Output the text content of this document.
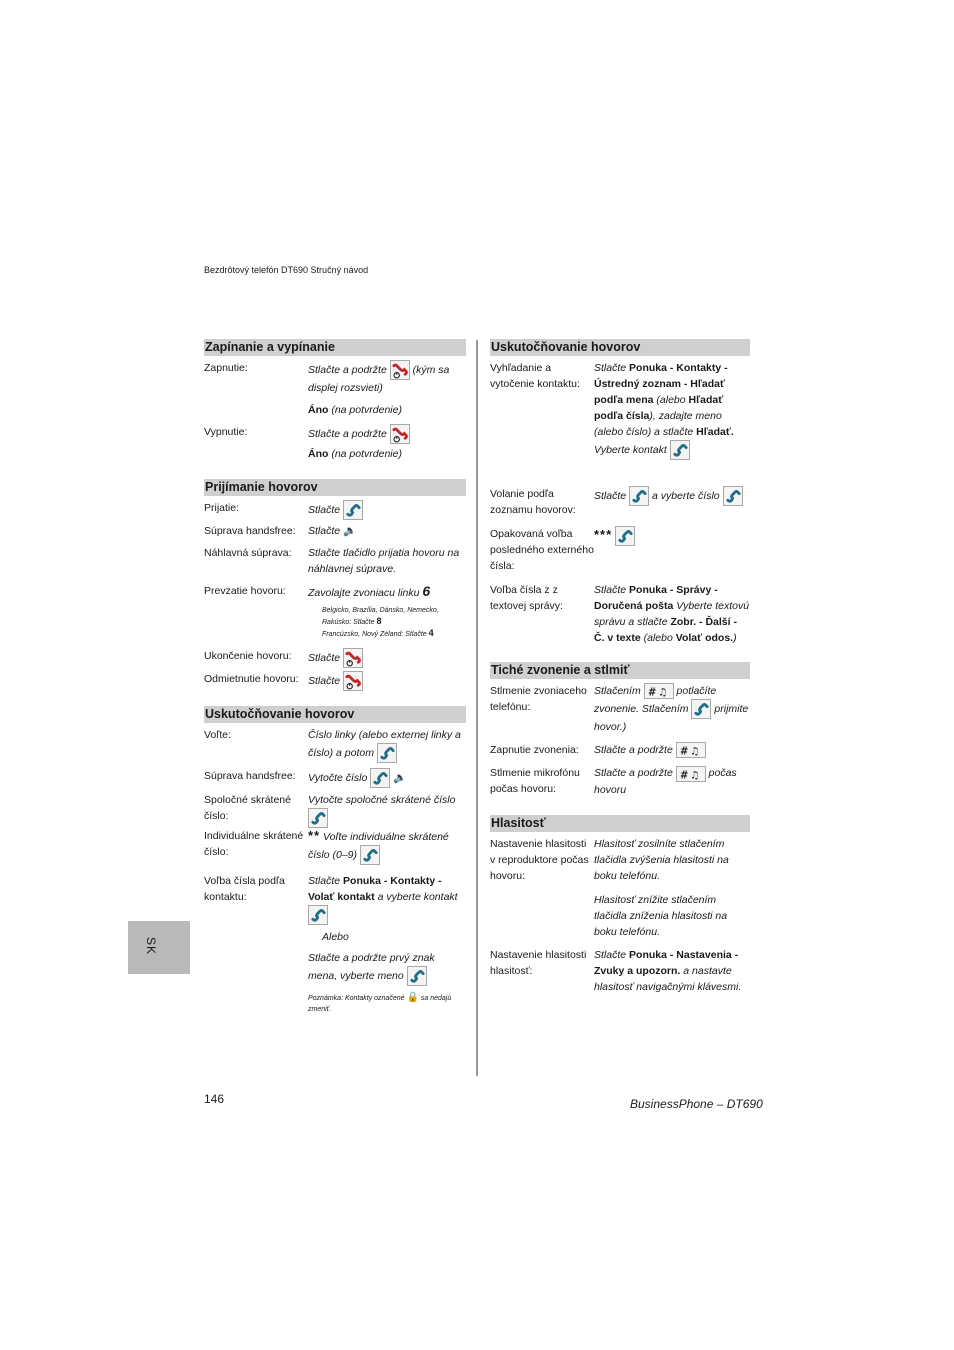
Bezdrôtový telefón DT690 Stručný návod
Zapínanie a vypínanie
Zapnutie:	Stlačte a podržte (kým sa displej rozsvieti)
Áno (na potvrdenie)
Vypnutie:	Stlačte a podržte
Áno (na potvrdenie)
Prijímanie hovorov
Prijatie:	Stlačte
Súprava handsfree:	Stlačte 🔈
Náhlavná súprava:	Stlačte tlačidlo prijatia hovoru na náhlavnej súprave.
Prevzatie hovoru:	Zavolajte zvoniacu linku 6
Belgicko, Brazília, Dánsko, Nemecko,
Rakúsko: Stlačte 8
Francúzsko, Nový Zéland: Stlačte 4
Ukončenie hovoru:	Stlačte
Odmietnutie hovoru: Stlačte
Uskutočňovanie hovorov
Voľte:	Číslo linky (alebo externej linky a číslo) a potom
Súprava handsfree:	Vytočte číslo 🔈
Spoločné skrátené číslo:
Vytočte spoločné skrátené číslo
Individuálne skrátené číslo:
** Voľte individuálne skrátené číslo (0–9)
Voľba čísla podľa kontaktu:
Stlačte Ponuka - Kontakty - Volať kontakt a vyberte kontakt
Alebo
Stlačte a podržte prvý znak mena, vyberte meno
Poznámka: Kontakty označené 🔒 sa nedajú zmeniť.
Uskutočňovanie hovorov
Vyhľadanie a vytočenie kontaktu:
Stlačte Ponuka - Kontakty - Ústredný zoznam - Hľadať podľa mena (alebo Hľadať podľa čísla), zadajte meno (alebo číslo) a stlačte Hľadať. Vyberte kontakt
Volanie podľa zoznamu hovorov:
Stlačte a vyberte číslo
Opakovaná voľba posledného externého čísla:
***
Voľba čísla z z textovej správy:
Stlačte Ponuka - Správy - Doručená pošta Vyberte textovú správu a stlačte Zobr. - Ďalší - Č. v texte (alebo Volať odos.)
Tiché zvonenie a stlmiť
Stlmenie zvoniaceho telefónu:
Stlačením	potlačíte zvonenie. Stlačením prijmite hovor.)
Zapnutie zvonenia:	Stlačte a podržte
Stlmenie mikrofónu počas hovoru:
Stlačte a podržte	počas hovoru
Hlasitosť
Nastavenie hlasitosti v reproduktore počas hovoru:
Hlasitosť zosilníte stlačením tlačidla zvýšenia hlasitosti na boku telefónu.
Hlasitosť znížite stlačením tlačidla zníženia hlasitosti na boku telefónu.
Nastavenie hlasitosti hlasitosť:
Stlačte Ponuka - Nastavenia - Zvuky a upozorn. a nastavte hlasitosť navigačnými klávesmi.
SK
146	BusinessPhone – DT690
